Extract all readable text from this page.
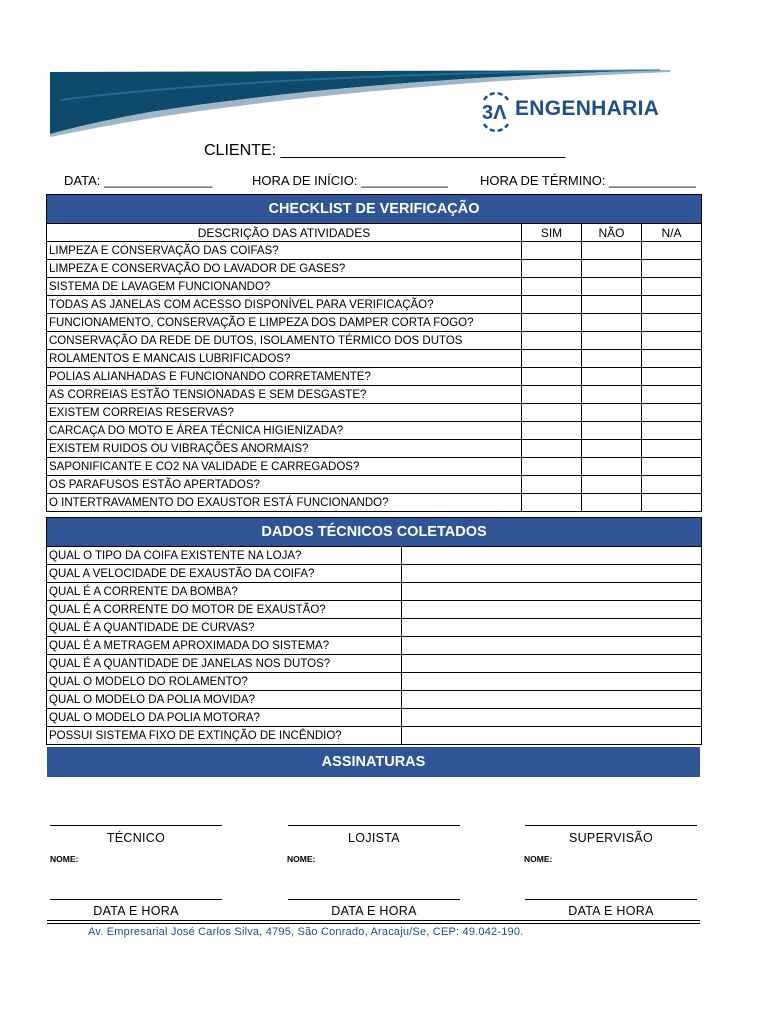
3Λ ENGENHARIA
CLIENTE: ________________________________
DATA: _______________	HORA DE INÍCIO: ____________ HORA DE TÉRMINO: ____________
CHECKLIST DE VERIFICAÇÃO			
DESCRIÇÃO DAS ATIVIDADES	SIM	NÃO	N/A
LIMPEZA E CONSERVAÇÃO DAS COIFAS?			
LIMPEZA E CONSERVAÇÃO DO LAVADOR DE GASES?			
SISTEMA DE LAVAGEM FUNCIONANDO?			
TODAS AS JANELAS COM ACESSO DISPONÍVEL PARA VERIFICAÇÃO?			
FUNCIONAMENTO, CONSERVAÇÃO E LIMPEZA DOS DAMPER CORTA FOGO?			
CONSERVAÇÃO DA REDE DE DUTOS, ISOLAMENTO TÉRMICO DOS DUTOS			
ROLAMENTOS E MANCAIS LUBRIFICADOS?			
POLIAS ALIANHADAS E FUNCIONANDO CORRETAMENTE?			
AS CORREIAS ESTÃO TENSIONADAS E SEM DESGASTE?			
EXISTEM CORREIAS RESERVAS?			
CARCAÇA DO MOTO E ÁREA TÉCNICA HIGIENIZADA?			
EXISTEM RUIDOS OU VIBRAÇÕES ANORMAIS?			
SAPONIFICANTE E CO2 NA VALIDADE E CARREGADOS?			
OS PARAFUSOS ESTÃO APERTADOS?			
O INTERTRAVAMENTO DO EXAUSTOR ESTÁ FUNCIONANDO?			
DADOS TÉCNICOS COLETADOS	
QUAL O TIPO DA COIFA EXISTENTE NA LOJA?	
QUAL A VELOCIDADE DE EXAUSTÃO DA COIFA?	
QUAL É A CORRENTE DA BOMBA?	
QUAL É A CORRENTE DO MOTOR DE EXAUSTÃO?	
QUAL É A QUANTIDADE DE CURVAS?	
QUAL É A METRAGEM APROXIMADA DO SISTEMA?	
QUAL É A QUANTIDADE DE JANELAS NOS DUTOS?	
QUAL O MODELO DO ROLAMENTO?	
QUAL O MODELO DA POLIA MOVIDA?	
QUAL O MODELO DA POLIA MOTORA?	
POSSUI SISTEMA FIXO DE EXTINÇÃO DE INCÊNDIO?	
ASSINATURAS
TÉCNICO	LOJISTA	SUPERVISÃO
NOME:	NOME:	NOME:
DATA E HORA	DATA E HORA	DATA E HORA
Av. Empresarial José Carlos Silva, 4795, São Conrado, Aracaju/Se, CEP: 49.042-190.
